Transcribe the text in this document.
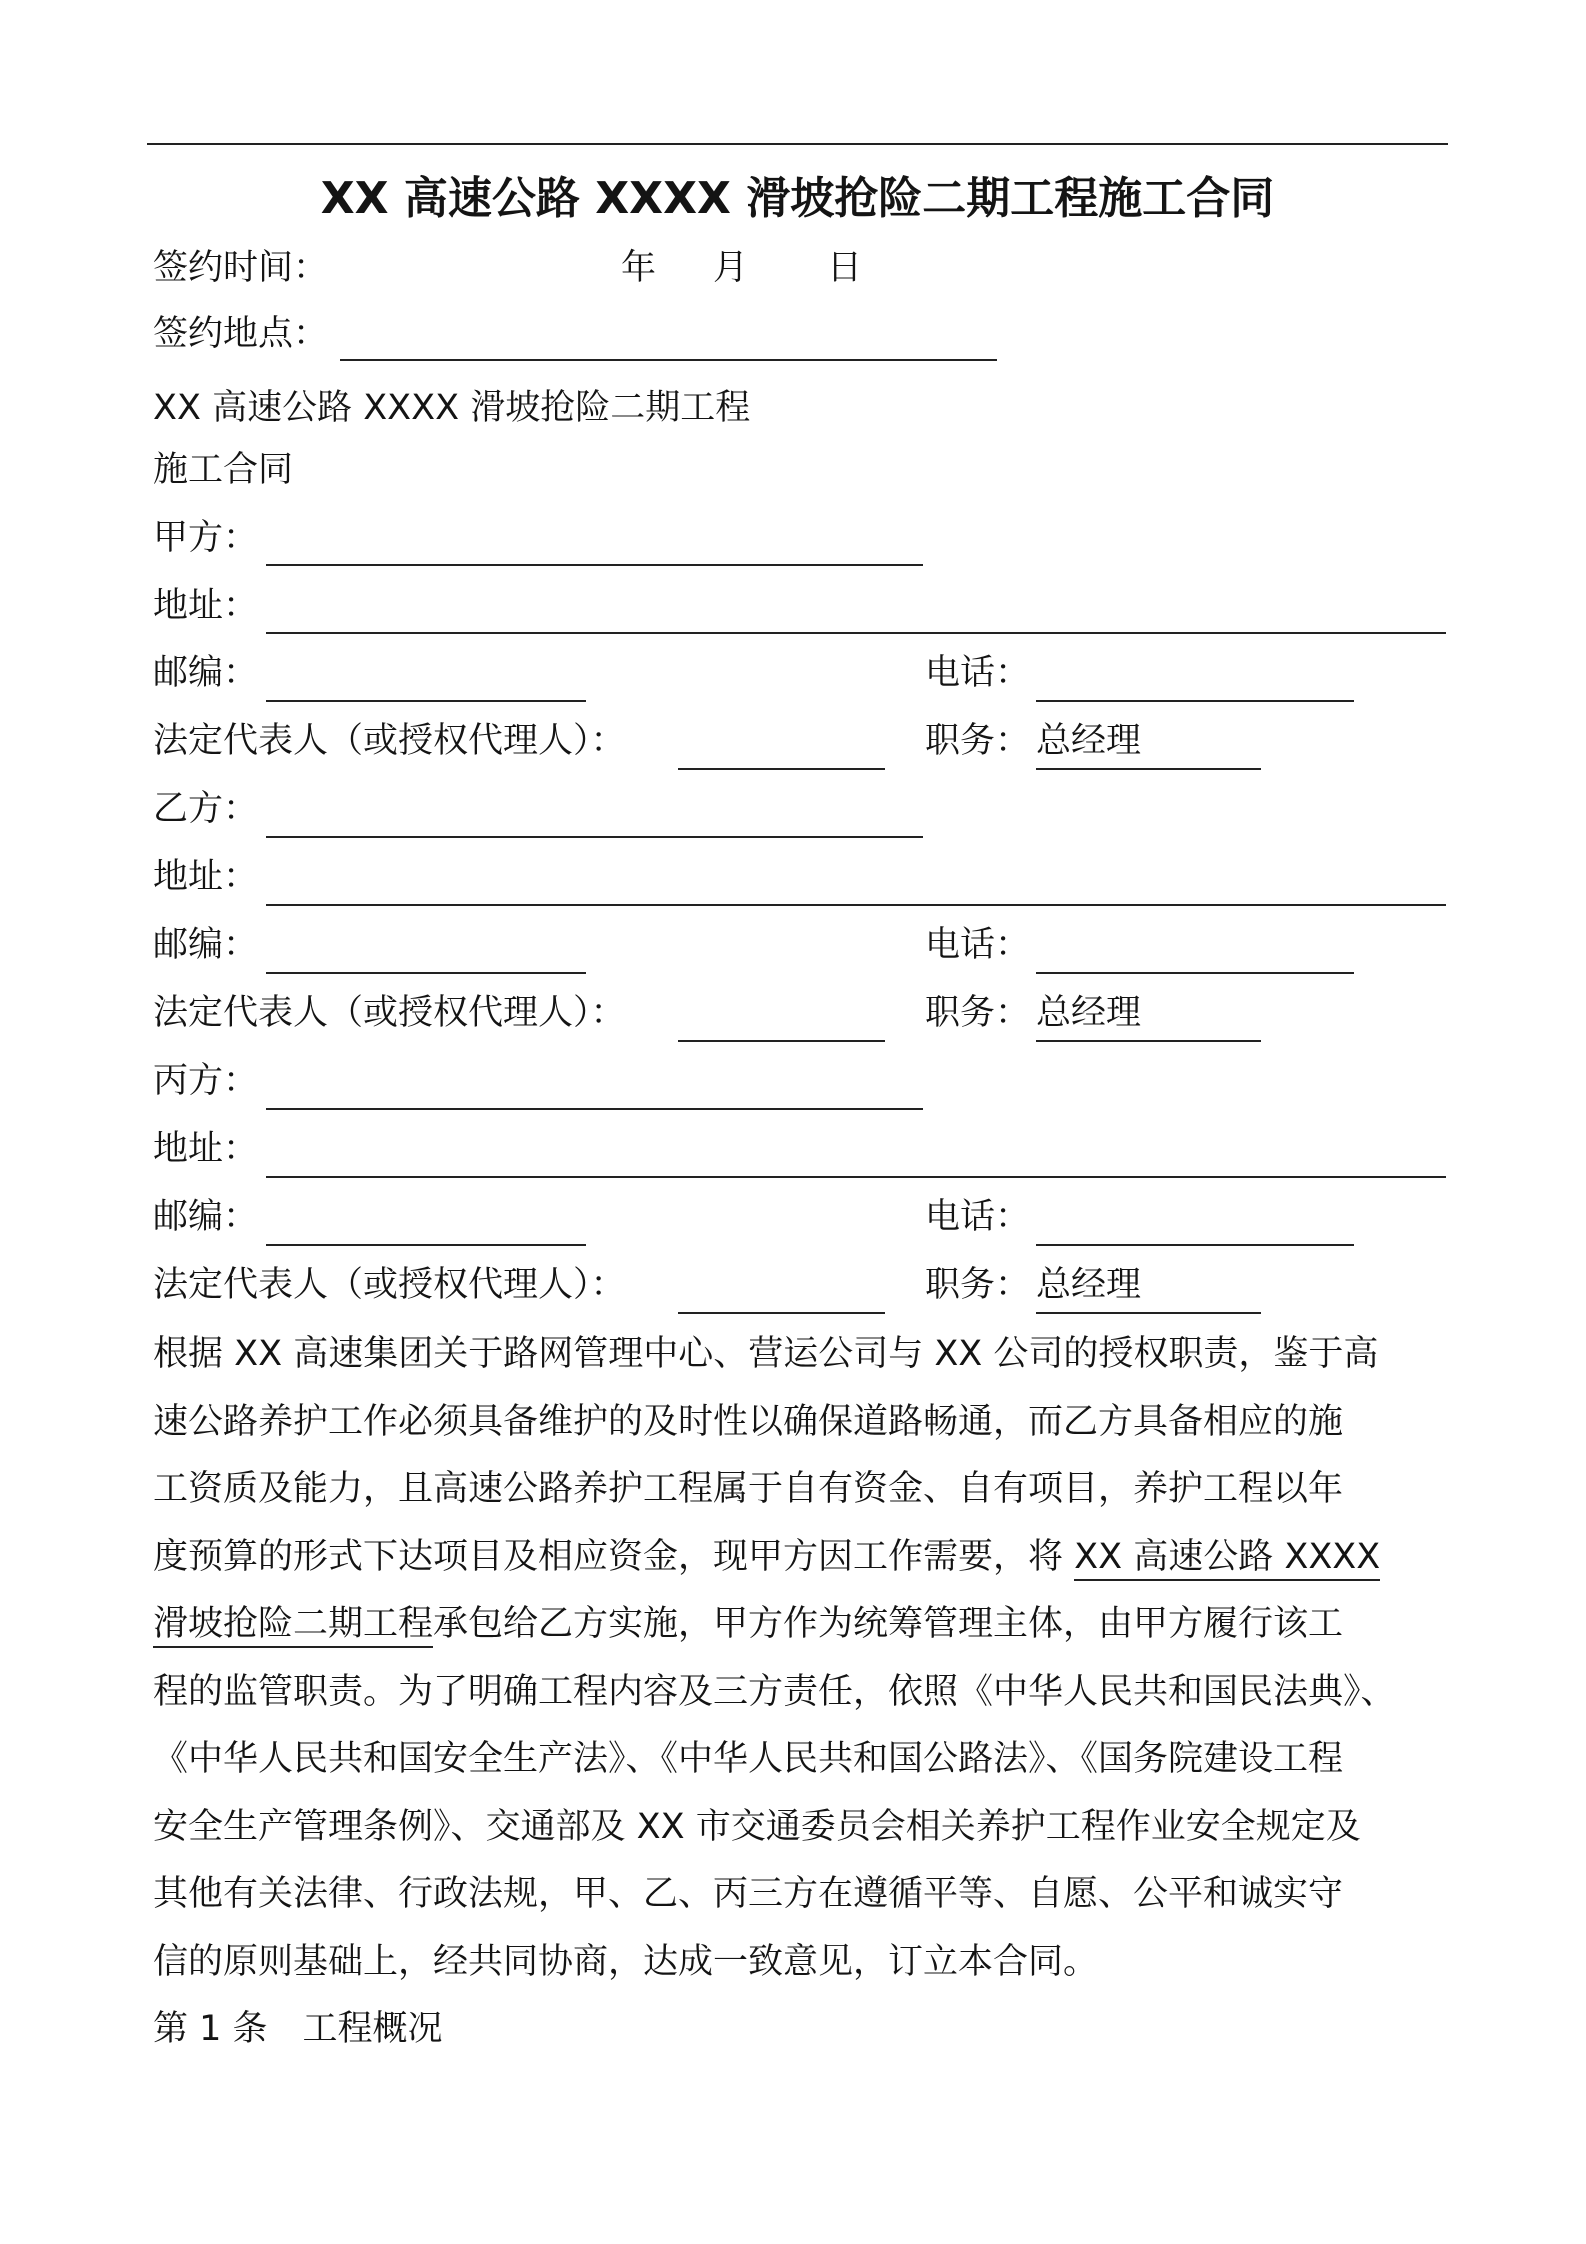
XX 高速公路 XXXX 滑坡抢险二期工程施工合同
签约时间：	年 月 日
签约地点：
XX 高速公路 XXXX 滑坡抢险二期工程
施工合同
甲方：
地址：
邮编：	电话：
法定代表人（或授权代理人）：	职务： 总经理
乙方：
地址：
邮编：	电话：
法定代表人（或授权代理人）：	职务： 总经理
丙方：
地址：
邮编：	电话：
法定代表人（或授权代理人）：	职务： 总经理
根据 XX 高速集团关于路网管理中心、营运公司与 XX 公司的授权职责，鉴于高
速公路养护工作必须具备维护的及时性以确保道路畅通，而乙方具备相应的施
工资质及能力，且高速公路养护工程属于自有资金、自有项目，养护工程以年
度预算的形式下达项目及相应资金，现甲方因工作需要，将 XX 高速公路 XXXX
滑坡抢险二期工程承包给乙方实施，甲方作为统筹管理主体，由甲方履行该工
程的监管职责。为了明确工程内容及三方责任，依照《中华人民共和国民法典》、
《中华人民共和国安全生产法》、《中华人民共和国公路法》、《国务院建设工程
安全生产管理条例》、交通部及 XX 市交通委员会相关养护工程作业安全规定及
其他有关法律、行政法规，甲、乙、丙三方在遵循平等、自愿、公平和诚实守
信的原则基础上，经共同协商，达成一致意见，订立本合同。
第 1 条　工程概况
